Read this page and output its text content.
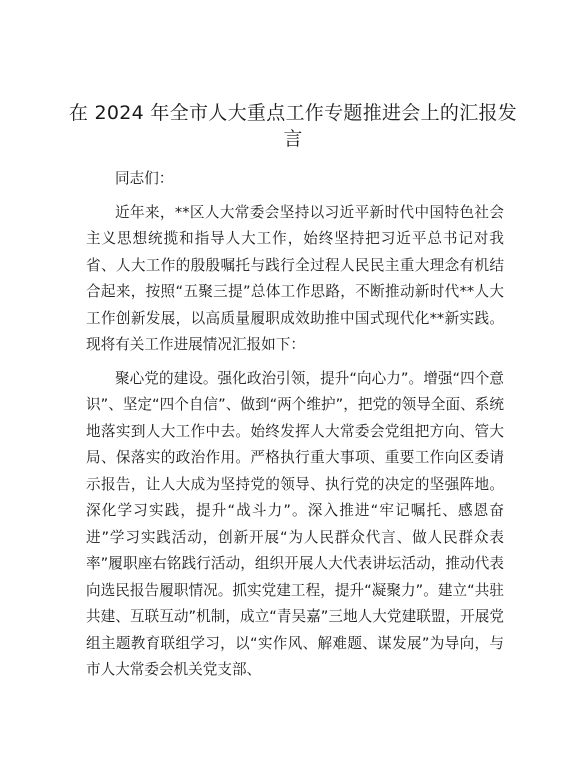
在 2024 年全市人大重点工作专题推进会上的汇报发言

同志们：

近年来，**区人大常委会坚持以习近平新时代中国特色社会主义思想统揽和指导人大工作，始终坚持把习近平总书记对我省、人大工作的殷殷嘱托与践行全过程人民民主重大理念有机结合起来，按照“五聚三提”总体工作思路，不断推动新时代**人大工作创新发展，以高质量履职成效助推中国式现代化**新实践。现将有关工作进展情况汇报如下：

聚心党的建设。强化政治引领，提升“向心力”。增强“四个意识”、坚定“四个自信”、做到“两个维护”，把党的领导全面、系统地落实到人大工作中去。始终发挥人大常委会党组把方向、管大局、保落实的政治作用。严格执行重大事项、重要工作向区委请示报告，让人大成为坚持党的领导、执行党的决定的坚强阵地。深化学习实践，提升“战斗力”。深入推进“牢记嘱托、感恩奋进”学习实践活动，创新开展“为人民群众代言、做人民群众表率”履职座右铭践行活动，组织开展人大代表讲坛活动，推动代表向选民报告履职情况。抓实党建工程，提升“凝聚力”。建立“共驻共建、互联互动”机制，成立“青吴嘉”三地人大党建联盟，开展党组主题教育联组学习，以“实作风、解难题、谋发展”为导向，与市人大常委会机关党支部、
